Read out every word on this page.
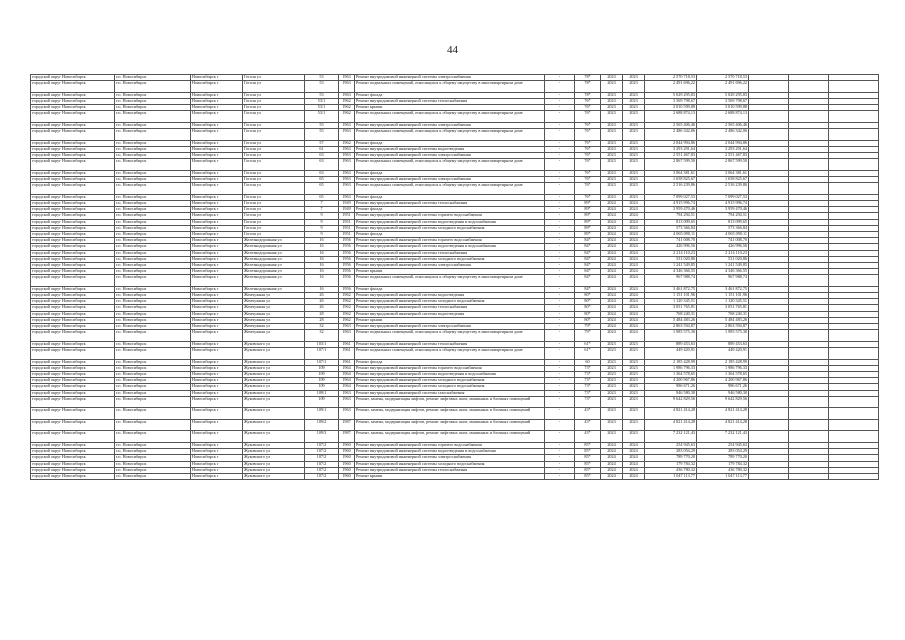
44
городской округ Новосибирск	г.п. Новосибирск	Новосибирск г	Гоголя ул	53	1963	Ремонт внутридомовой инженерной системы электроснабжения	-	78*	2023	2023	2 570 718,53	2 570 718,53			
городской округ Новосибирск	г.п. Новосибирск	Новосибирск г	Гоголя ул	53	1963	Ремонт подвальных помещений, относящихся к общему имуществу в многоквартирном доме	-	78*	2023	2023	2 491 696,22	2 491 696,22			
городской округ Новосибирск	г.п. Новосибирск	Новосибирск г	Гоголя ул	53	1963	Ремонт фасада	-	78*	2023	2023	5 029 295,83	5 029 295,83			
городской округ Новосибирск	г.п. Новосибирск	Новосибирск г	Гоголя ул	53/1	1962	Ремонт внутридомовой инженерной системы теплоснабжения	-	76*	2023	2023	3 569 798,67	3 569 798,67			
городской округ Новосибирск	г.п. Новосибирск	Новосибирск г	Гоголя ул	53/1	1962	Ремонт крыши	-	76*	2023	2023	3 010 599,88	3 010 599,88			
городской округ Новосибирск	г.п. Новосибирск	Новосибирск г	Гоголя ул	53/1	1962	Ремонт подвальных помещений, относящихся к общему имуществу в многоквартирном доме	-	76*	2023	2023	2 688 874,13	2 688 874,13			
городской округ Новосибирск	г.п. Новосибирск	Новосибирск г	Гоголя ул	55	1963	Ремонт внутридомовой инженерной системы электроснабжения	-	76*	2023	2023	2 565 406,46	2 565 406,46			
городской округ Новосибирск	г.п. Новосибирск	Новосибирск г	Гоголя ул	55	1963	Ремонт подвальных помещений, относящихся к общему имуществу в многоквартирном доме	-	76*	2023	2023	2 486 342,06	2 486 342,06			
городской округ Новосибирск	г.п. Новосибирск	Новосибирск г	Гоголя ул	57	1962	Ремонт фасада	-	76*	2023	2023	2 044 994,86	2 044 994,86			
городской округ Новосибирск	г.п. Новосибирск	Новосибирск г	Гоголя ул	61	1963	Ремонт внутридомовой инженерной системы водоотведения	-	76*	2023	2023	3 293 291,64	3 293 291,64			
городской округ Новосибирск	г.п. Новосибирск	Новосибирск г	Гоголя ул	63	1963	Ремонт внутридомовой инженерной системы электроснабжения	-	76*	2023	2023	2 551 467,83	2 551 467,83			
городской округ Новосибирск	г.п. Новосибирск	Новосибирск г	Гоголя ул	63	1963	Ремонт подвальных помещений, относящихся к общему имуществу в многоквартирном доме	-	76*	2023	2023	2 867 599,50	2 867 599,50			
городской округ Новосибирск	г.п. Новосибирск	Новосибирск г	Гоголя ул	63	1963	Ремонт фасада	-	76*	2023	2023	3 064 381,61	3 064 381,61			
городской округ Новосибирск	г.п. Новосибирск	Новосибирск г	Гоголя ул	65	1963	Ремонт внутридомовой инженерной системы электроснабжения	-	76*	2023	2023	1 658 825,67	1 658 825,67			
городской округ Новосибирск	г.п. Новосибирск	Новосибирск г	Гоголя ул	65	1963	Ремонт подвальных помещений, относящихся к общему имуществу в многоквартирном доме	-	76*	2023	2023	2 516 239,86	2 516 239,86			
городской округ Новосибирск	г.п. Новосибирск	Новосибирск г	Гоголя ул	65	1963	Ремонт фасада	-	76*	2023	2023	7 099 027,53	7 099 027,53			
городской округ Новосибирск	г.п. Новосибирск	Новосибирск г	Гоголя ул	7	1949	Ремонт внутридомовой инженерной системы теплоснабжения	-	89*	2024	2024	4 915 996,74	4 915 996,74			
городской округ Новосибирск	г.п. Новосибирск	Новосибирск г	Гоголя ул	7	1949	Ремонт фасада	-	89*	2024	2024	3 959 470,46	3 959 470,46			
городской округ Новосибирск	г.п. Новосибирск	Новосибирск г	Гоголя ул	9	1951	Ремонт внутридомовой инженерной системы горячего водоснабжения	-	89*	2024	2024	794 294,51	794 294,51			
городской округ Новосибирск	г.п. Новосибирск	Новосибирск г	Гоголя ул	9	1951	Ремонт внутридомовой инженерной системы водоотведения и водоснабжения	-	89*	2024	2024	813 099,65	813 099,65			
городской округ Новосибирск	г.п. Новосибирск	Новосибирск г	Гоголя ул	9	1951	Ремонт внутридомовой инженерной системы холодного водоснабжения	-	89*	2024	2024	573 366,84	573 366,84			
городской округ Новосибирск	г.п. Новосибирск	Новосибирск г	Гоголя ул	9	1951	Ремонт фасада	-	89*	2024	2024	4 065 090,11	4 065 090,11			
городской округ Новосибирск	г.п. Новосибирск	Новосибирск г	Железнодорожная ул	16	1956	Ремонт внутридомовой инженерной системы горячего водоснабжения	-	84*	2024	2024	741 008,70	741 008,70			
городской округ Новосибирск	г.п. Новосибирск	Новосибирск г	Железнодорожная ул	16	1956	Ремонт внутридомовой инженерной системы водоотведения и водоснабжения	-	84*	2024	2024	426 996,56	426 996,56			
городской округ Новосибирск	г.п. Новосибирск	Новосибирск г	Железнодорожная ул	16	1956	Ремонт внутридомовой инженерной системы теплоснабжения	-	84*	2024	2024	2 214 110,23	2 214 110,23			
городской округ Новосибирск	г.п. Новосибирск	Новосибирск г	Железнодорожная ул	16	1956	Ремонт внутридомовой инженерной системы холодного водоснабжения	-	84*	2024	2024	531 020,86	531 020,86			
городской округ Новосибирск	г.п. Новосибирск	Новосибирск г	Железнодорожная ул	16	1956	Ремонт внутридомовой инженерной системы электроснабжения	-	84*	2024	2024	1 241 549,85	1 241 549,85			
городской округ Новосибирск	г.п. Новосибирск	Новосибирск г	Железнодорожная ул	16	1956	Ремонт крыши	-	84*	2024	2024	4 346 366,55	4 346 366,55			
городской округ Новосибирск	г.п. Новосибирск	Новосибирск г	Железнодорожная ул	16	1956	Ремонт подвальных помещений, относящихся к общему имуществу в многоквартирном доме	-	84*	2024	2024	967 988,74	967 988,74			
городской округ Новосибирск	г.п. Новосибирск	Новосибирск г	Железнодорожная ул	16	1956	Ремонт фасада	-	84*	2024	2024	3 461 872,75	3 461 872,75			
городской округ Новосибирск	г.п. Новосибирск	Новосибирск г	Жемчужная ул	26	1962	Ремонт внутридомовой инженерной системы водоотведения	-	80*	2024	2024	1 151 101,96	1 151 101,96			
городской округ Новосибирск	г.п. Новосибирск	Новосибирск г	Жемчужная ул	26	1962	Ремонт внутридомовой инженерной системы холодного водоснабжения	-	80*	2024	2024	1 120 345,51	1 120 345,51			
городской округ Новосибирск	г.п. Новосибирск	Новосибирск г	Жемчужная ул	26	1962	Ремонт внутридомовой инженерной системы теплоснабжения	-	80*	2024	2024	3 051 765,81	3 051 765,81			
городской округ Новосибирск	г.п. Новосибирск	Новосибирск г	Жемчужная ул	28	1962	Ремонт внутридомовой инженерной системы водоотведения	-	80*	2024	2024	768 240,31	768 240,31			
городской округ Новосибирск	г.п. Новосибирск	Новосибирск г	Жемчужная ул	28	1962	Ремонт крыши	-	80*	2024	2024	5 484 483,26	5 484 483,26			
городской округ Новосибирск	г.п. Новосибирск	Новосибирск г	Жемчужная ул	32	1963	Ремонт внутридомовой инженерной системы электроснабжения	-	79*	2024	2024	2 863 594,87	2 863 594,87			
городской округ Новосибирск	г.п. Новосибирск	Новосибирск г	Жемчужная ул	32	1963	Ремонт подвальных помещений, относящихся к общему имуществу в многоквартирном доме	-	79*	2024	2024	1 985 575,30	1 985 575,30			
городской округ Новосибирск	г.п. Новосибирск	Новосибирск г	Жуковского ул	103/1	1961	Ремонт внутридомовой инженерной системы теплоснабжения	-	61*	2023	2023	889 453,63	889 453,63			
городской округ Новосибирск	г.п. Новосибирск	Новосибирск г	Жуковского ул	107/1	1961	Ремонт подвальных помещений, относящихся к общему имуществу в многоквартирном доме	-	61*	2023	2023	449 420,91	449 420,91			
городской округ Новосибирск	г.п. Новосибирск	Новосибирск г	Жуковского ул	107/1	1961	Ремонт фасада	-	60	2023	2023	2 185 428,99	2 185 428,99			
городской округ Новосибирск	г.п. Новосибирск	Новосибирск г	Жуковского ул	109	1964	Ремонт внутридомовой инженерной системы горячего водоснабжения	-	73*	2023	2023	1 986 796,33	1 986 796,33			
городской округ Новосибирск	г.п. Новосибирск	Новосибирск г	Жуковского ул	109	1964	Ремонт внутридомовой инженерной системы водоотведения и водоснабжения	-	73*	2023	2023	1 364 578,65	1 364 578,65			
городской округ Новосибирск	г.п. Новосибирск	Новосибирск г	Жуковского ул	109	1964	Ремонт внутридомовой инженерной системы холодного водоснабжения	-	73*	2023	2023	4 200 967,86	4 200 967,86			
городской округ Новосибирск	г.п. Новосибирск	Новосибирск г	Жуковского ул	109	1964	Ремонт внутридомовой инженерной системы холодного водоснабжения	-	73*	2023	2023	986 671,26	986 671,26			
городской округ Новосибирск	г.п. Новосибирск	Новосибирск г	Жуковского ул	109/1	1963	Ремонт внутридомовой инженерной системы газоснабжения	-	73*	2023	2023	946 580,30	946 580,30			
городской округ Новосибирск	г.п. Новосибирск	Новосибирск г	Жуковского ул	109	1963	Ремонт, замена, модернизация лифтов, ремонт лифтовых шахт, машинных и блочных помещений	-	73*	2023	2023	9 642 829,56	9 642 829,56			
городской округ Новосибирск	г.п. Новосибирск	Новосибирск г	Жуковского ул	109/1	1963	Ремонт, замена, модернизация лифтов, ремонт лифтовых шахт, машинных и блочных помещений	-	43*	2023	2023	4 821 414,28	4 821 414,28			
городской округ Новосибирск	г.п. Новосибирск	Новосибирск г	Жуковского ул	109/2	1987	Ремонт, замена, модернизация лифтов, ремонт лифтовых шахт, машинных и блочных помещений	-	43*	2023	2023	4 821 414,28	4 821 414,28			
городской округ Новосибирск	г.п. Новосибирск	Новосибирск г	Жуковского ул	109/3	1987	Ремонт, замена, модернизация лифтов, ремонт лифтовых шахт, машинных и блочных помещений	-	43*	2023	2023	7 232 121,43	7 232 121,43			
городской округ Новосибирск	г.п. Новосибирск	Новосибирск г	Жуковского ул	107/2	1960	Ремонт внутридомовой инженерной системы горячего водоснабжения	-	85*	2024	2024	254 945,63	254 945,63			
городской округ Новосибирск	г.п. Новосибирск	Новосибирск г	Жуковского ул	107/2	1960	Ремонт внутридомовой инженерной системы водоотведения и водоснабжения	-	85*	2024	2024	283 054,29	283 054,29			
городской округ Новосибирск	г.п. Новосибирск	Новосибирск г	Жуковского ул	107/2	1960	Ремонт внутридомовой инженерной системы электроснабжения	-	85*	2024	2024	789 770,20	789 770,20			
городской округ Новосибирск	г.п. Новосибирск	Новосибирск г	Жуковского ул	107/2	1960	Ремонт внутридомовой инженерной системы холодного водоснабжения	-	85*	2024	2024	179 784,32	179 784,32			
городской округ Новосибирск	г.п. Новосибирск	Новосибирск г	Жуковского ул	107/2	1960	Ремонт внутридомовой инженерной системы теплоснабжения	-	85*	2024	2024	436 780,32	436 780,32			
городской округ Новосибирск	г.п. Новосибирск	Новосибирск г	Жуковского ул	107/2	1960	Ремонт крыши	-	85*	2024	2024	1 047 113,77	1 047 113,77			
